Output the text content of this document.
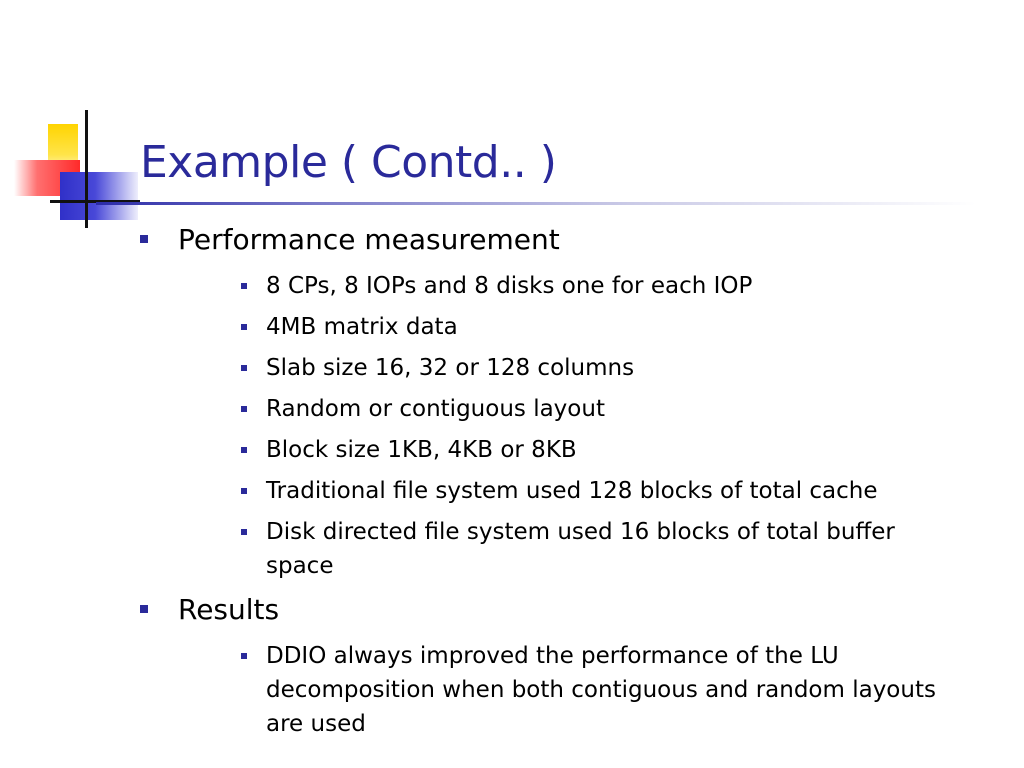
Example ( Contd.. )
Performance measurement
8 CPs, 8 IOPs and 8 disks one for each IOP
4MB matrix data
Slab size 16, 32 or 128 columns
Random or contiguous layout
Block size 1KB, 4KB or 8KB
Traditional file system used 128 blocks of total cache
Disk directed file system used 16 blocks of total buffer space
Results
DDIO always improved the performance of the LU decomposition when both contiguous and random layouts are used
